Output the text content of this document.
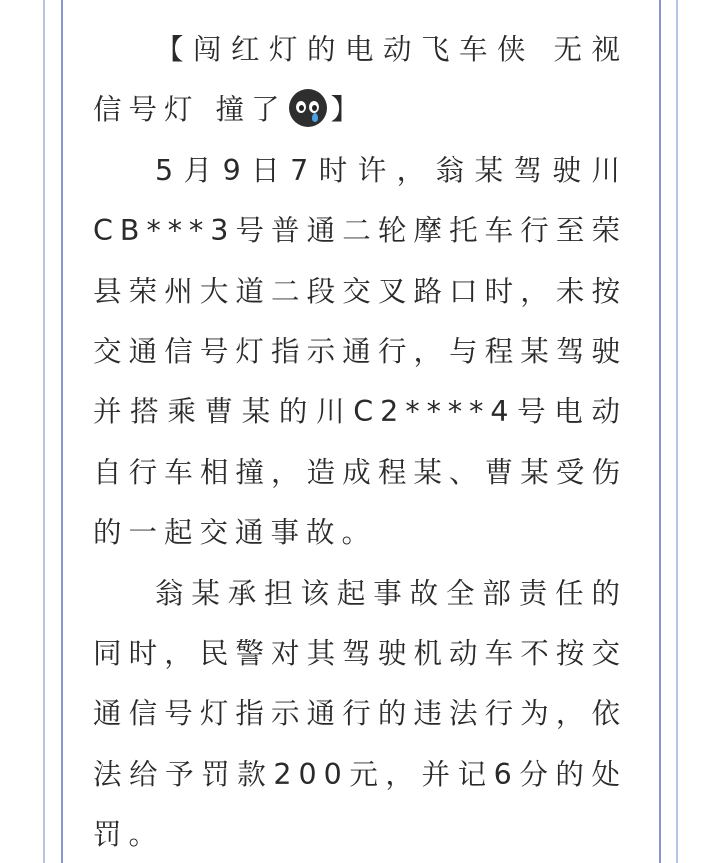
【闯红灯的电动飞车侠 无视信号灯 撞了 】

5月9日7时许，翁某驾驶川CB***3号普通二轮摩托车行至荣县荣州大道二段交叉路口时，未按交通信号灯指示通行，与程某驾驶并搭乘曹某的川C2****4号电动自行车相撞，造成程某、曹某受伤的一起交通事故。

翁某承担该起事故全部责任的同时，民警对其驾驶机动车不按交通信号灯指示通行的违法行为，依法给予罚款200元，并记6分的处罚。
